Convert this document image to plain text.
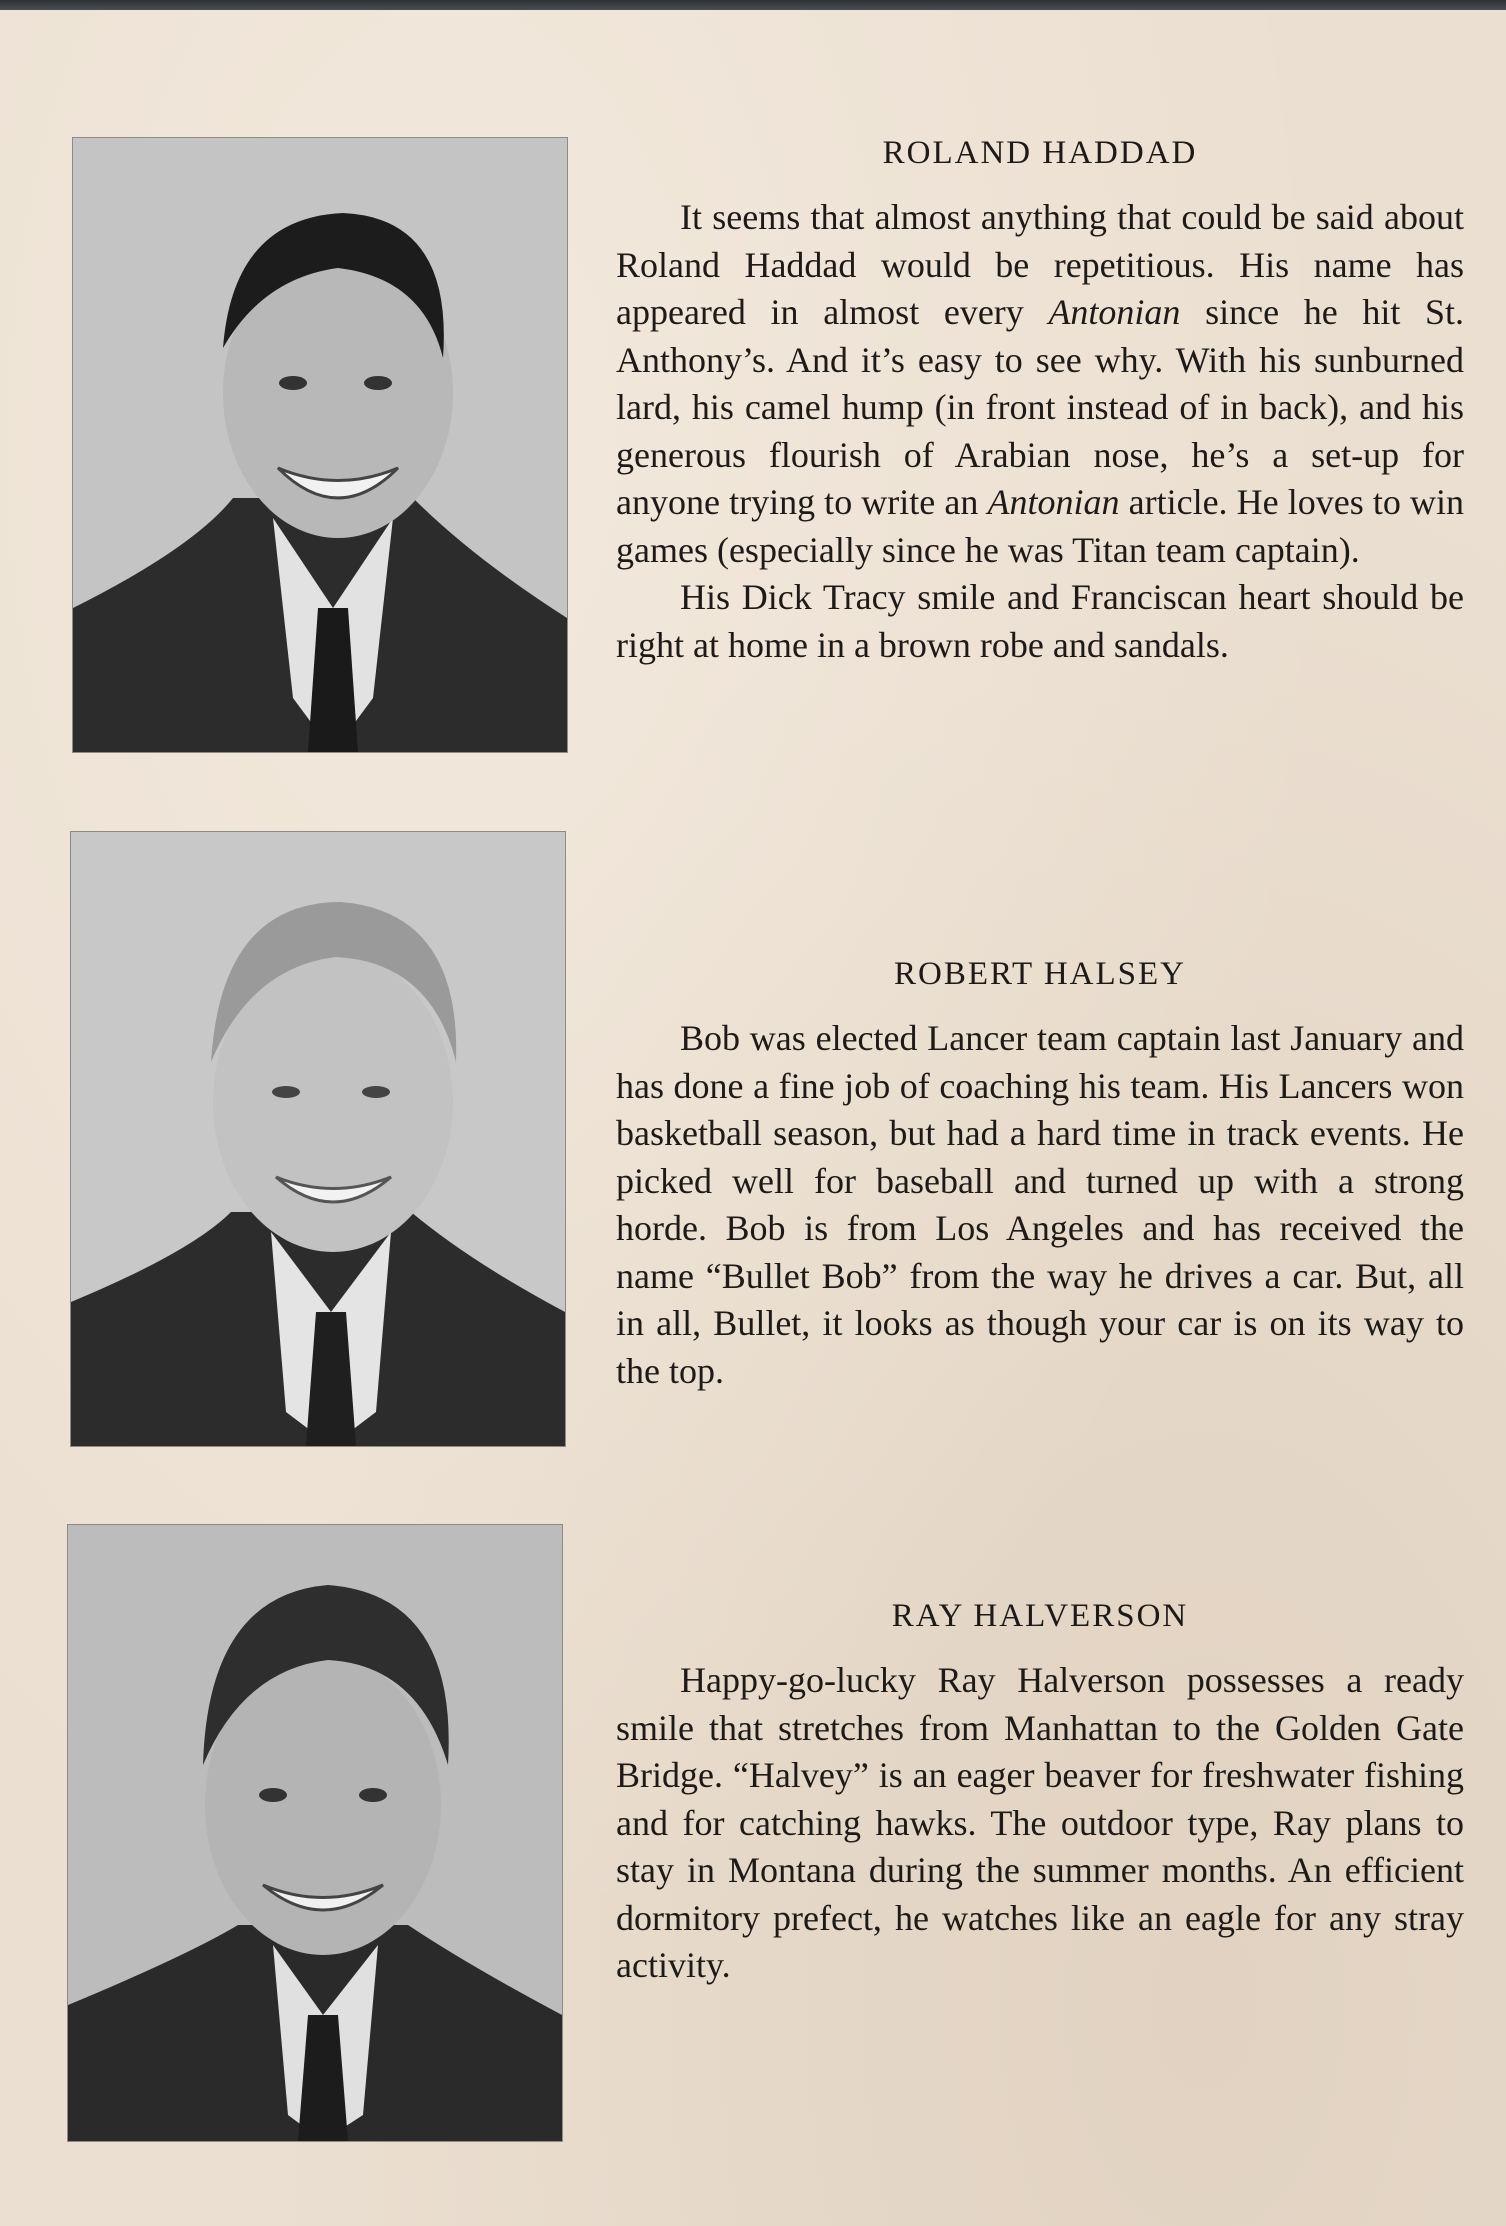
ROLAND HADDAD

It seems that almost anything that could be said about Roland Haddad would be repetitious. His name has appeared in almost every Antonian since he hit St. Anthony’s. And it’s easy to see why. With his sunburned lard, his camel hump (in front instead of in back), and his generous flourish of Arabian nose, he’s a set-up for anyone trying to write an Antonian article. He loves to win games (especially since he was Titan team captain).

His Dick Tracy smile and Franciscan heart should be right at home in a brown robe and sandals.

ROBERT HALSEY

Bob was elected Lancer team captain last January and has done a fine job of coaching his team. His Lancers won basketball season, but had a hard time in track events. He picked well for baseball and turned up with a strong horde. Bob is from Los Angeles and has received the name “Bullet Bob” from the way he drives a car. But, all in all, Bullet, it looks as though your car is on its way to the top.

RAY HALVERSON

Happy-go-lucky Ray Halverson possesses a ready smile that stretches from Manhattan to the Golden Gate Bridge. “Halvey” is an eager beaver for freshwater fishing and for catching hawks. The outdoor type, Ray plans to stay in Montana during the summer months. An efficient dormitory prefect, he watches like an eagle for any stray activity.
